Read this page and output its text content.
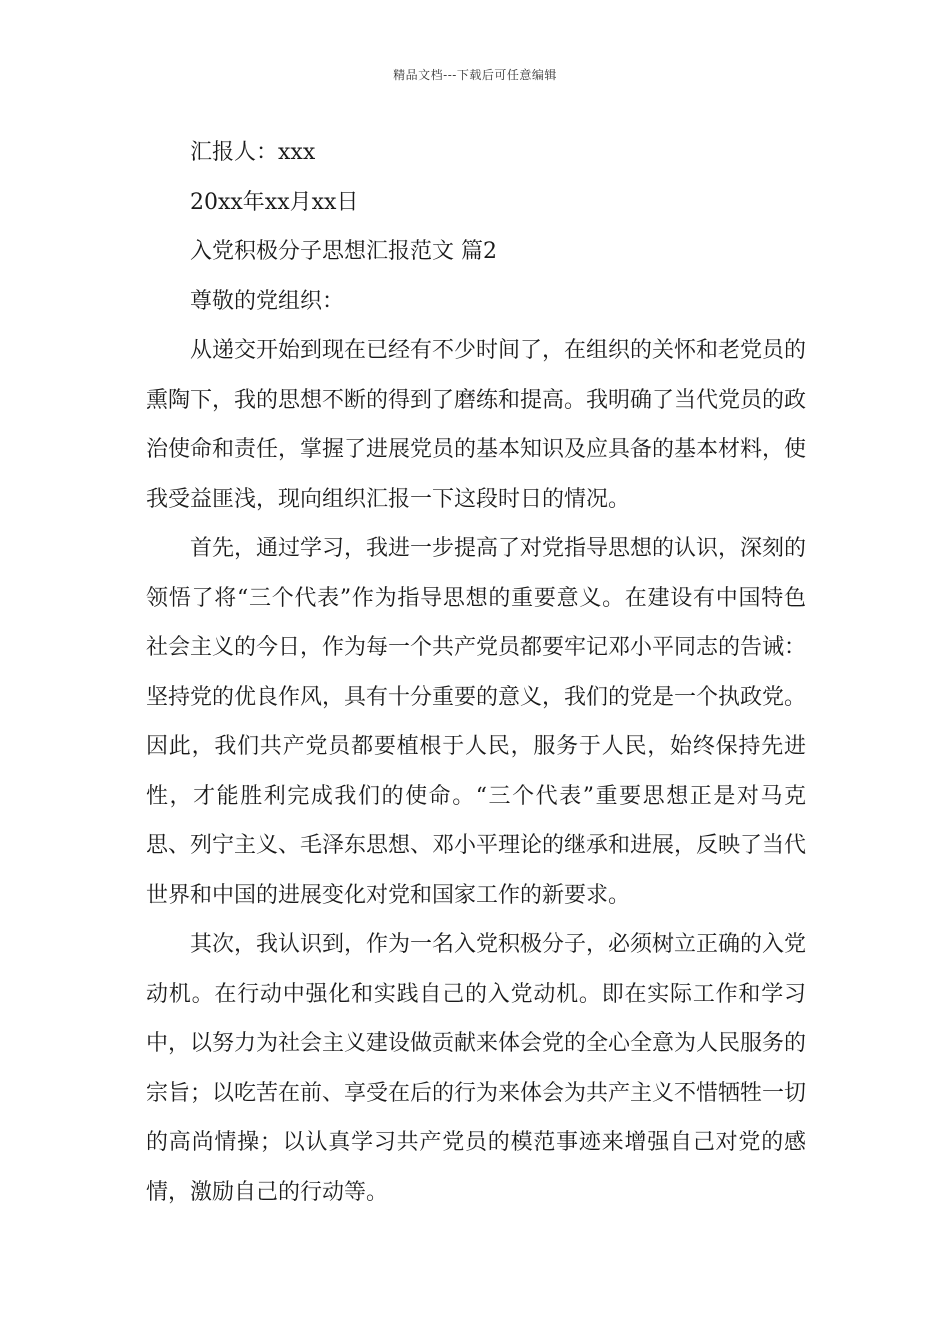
精品文档---下载后可任意编辑

汇报人：xxx

20xx年xx月xx日

入党积极分子思想汇报范文 篇2

尊敬的党组织：

从递交开始到现在已经有不少时间了，在组织的关怀和老党员的熏陶下，我的思想不断的得到了磨练和提高。我明确了当代党员的政治使命和责任，掌握了进展党员的基本知识及应具备的基本材料，使我受益匪浅，现向组织汇报一下这段时日的情况。

首先，通过学习，我进一步提高了对党指导思想的认识，深刻的领悟了将“三个代表”作为指导思想的重要意义。在建设有中国特色社会主义的今日，作为每一个共产党员都要牢记邓小平同志的告诫：坚持党的优良作风，具有十分重要的意义，我们的党是一个执政党。因此，我们共产党员都要植根于人民，服务于人民，始终保持先进性，才能胜利完成我们的使命。“三个代表”重要思想正是对马克思、列宁主义、毛泽东思想、邓小平理论的继承和进展，反映了当代世界和中国的进展变化对党和国家工作的新要求。

其次，我认识到，作为一名入党积极分子，必须树立正确的入党动机。在行动中强化和实践自己的入党动机。即在实际工作和学习中，以努力为社会主义建设做贡献来体会党的全心全意为人民服务的宗旨；以吃苦在前、享受在后的行为来体会为共产主义不惜牺牲一切的高尚情操；以认真学习共产党员的模范事迹来增强自己对党的感情，激励自己的行动等。
